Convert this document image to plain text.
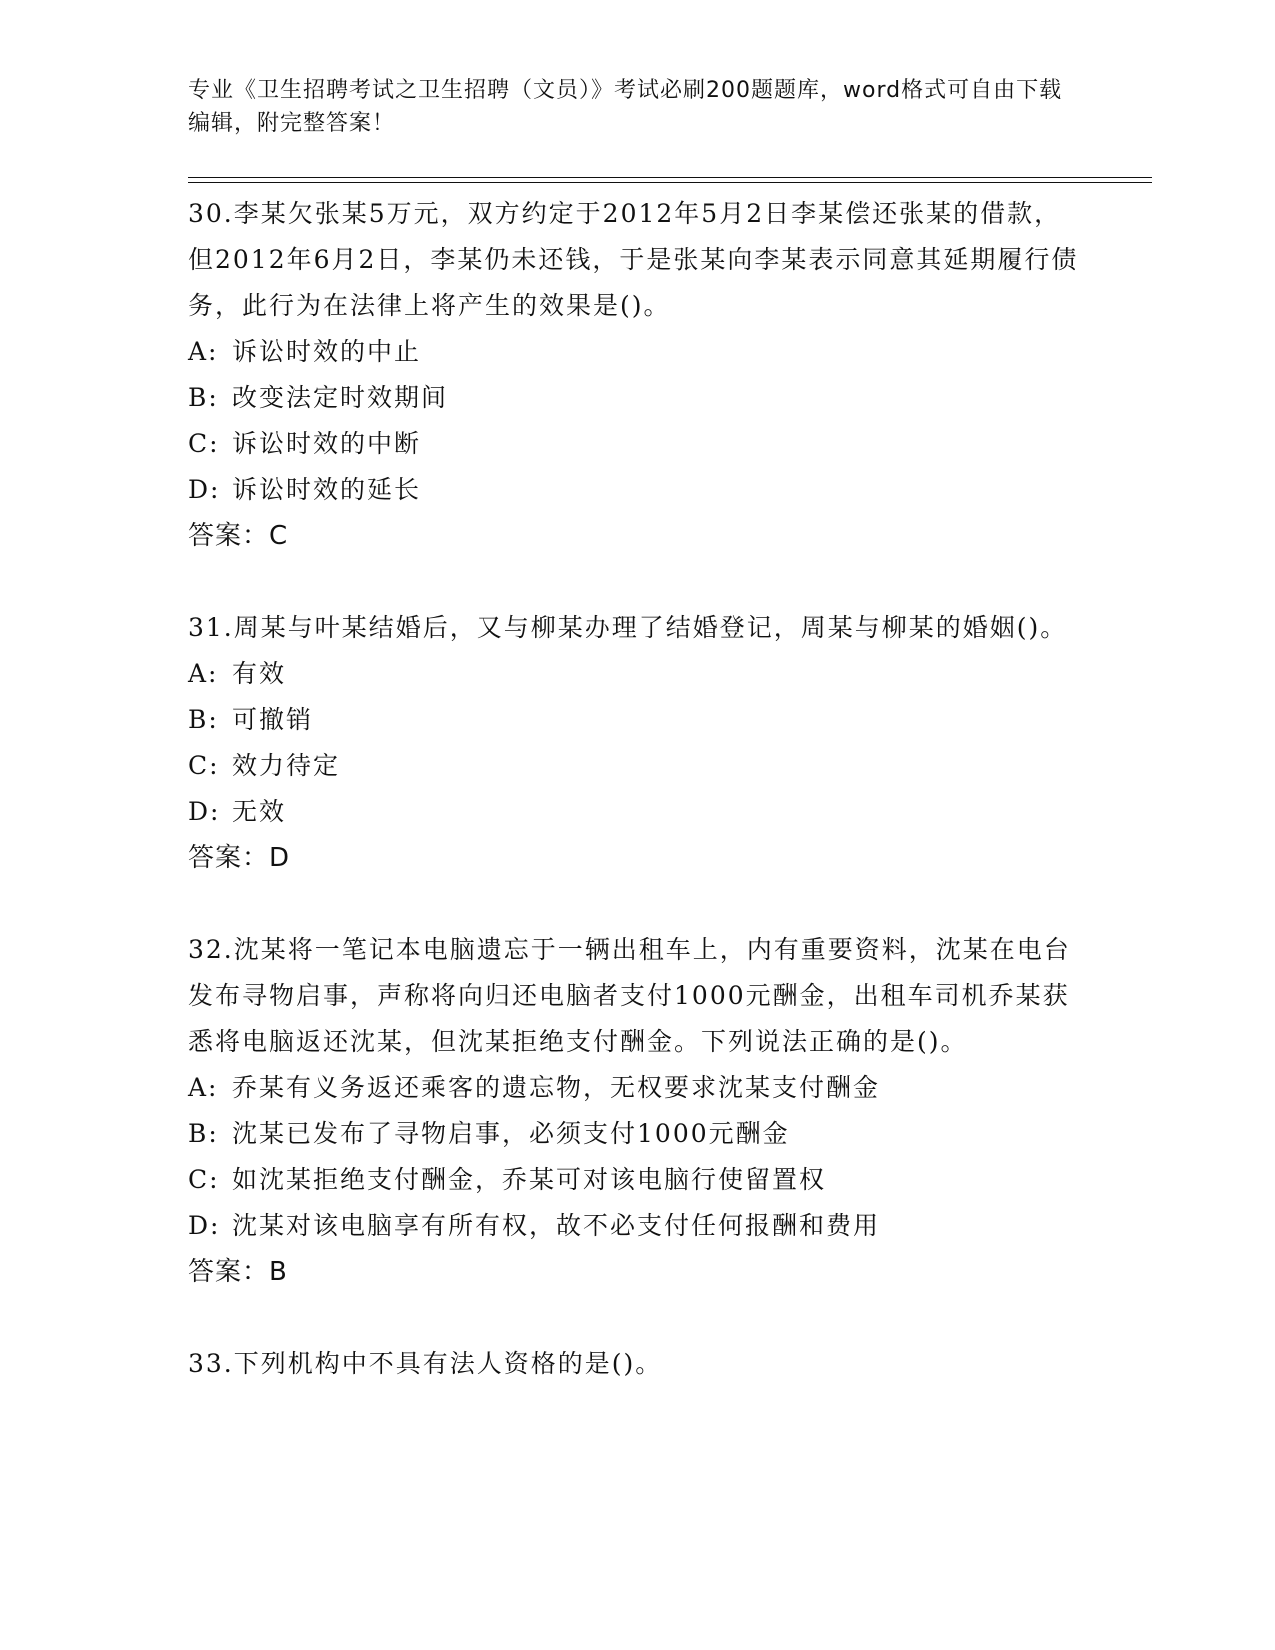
专业《卫生招聘考试之卫生招聘（文员）》考试必刷200题题库，word格式可自由下载编辑，附完整答案！

30.李某欠张某5万元，双方约定于2012年5月2日李某偿还张某的借款，但2012年6月2日，李某仍未还钱，于是张某向李某表示同意其延期履行债务，此行为在法律上将产生的效果是()。

A: 诉讼时效的中止
B: 改变法定时效期间
C: 诉讼时效的中断
D: 诉讼时效的延长

答案：C

31.周某与叶某结婚后，又与柳某办理了结婚登记，周某与柳某的婚姻()。

A: 有效
B: 可撤销
C: 效力待定
D: 无效

答案：D

32.沈某将一笔记本电脑遗忘于一辆出租车上，内有重要资料，沈某在电台发布寻物启事，声称将向归还电脑者支付1000元酬金，出租车司机乔某获悉将电脑返还沈某，但沈某拒绝支付酬金。下列说法正确的是()。

A: 乔某有义务返还乘客的遗忘物，无权要求沈某支付酬金
B: 沈某已发布了寻物启事，必须支付1000元酬金
C: 如沈某拒绝支付酬金，乔某可对该电脑行使留置权
D: 沈某对该电脑享有所有权，故不必支付任何报酬和费用

答案：B

33.下列机构中不具有法人资格的是()。
